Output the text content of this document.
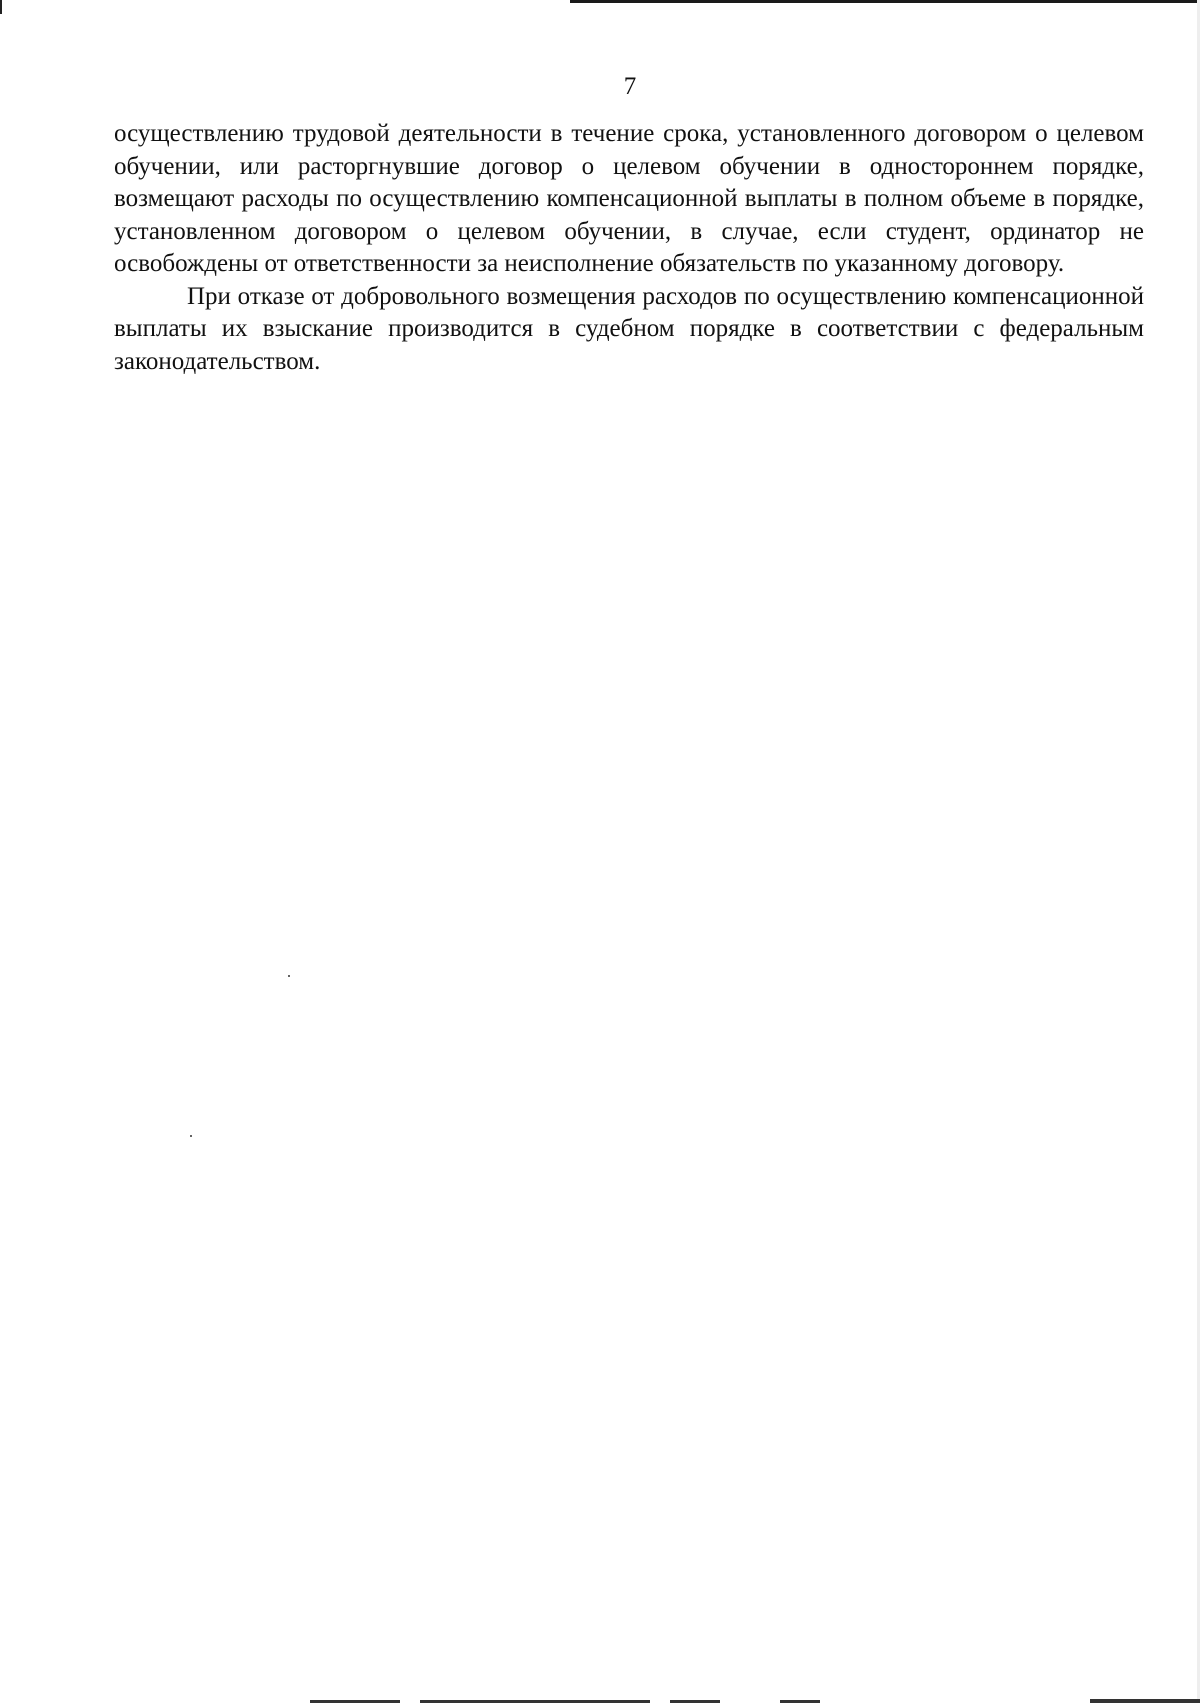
7

осуществлению трудовой деятельности в течение срока, установленного договором о целевом обучении, или расторгнувшие договор о целевом обучении в одностороннем порядке, возмещают расходы по осуществлению компенсационной выплаты в полном объеме в порядке, установленном договором о целевом обучении, в случае, если студент, ординатор не освобождены от ответственности за неисполнение обязательств по указанному договору.

При отказе от добровольного возмещения расходов по осуществлению компенсационной выплаты их взыскание производится в судебном порядке в соответствии с федеральным законодательством.
